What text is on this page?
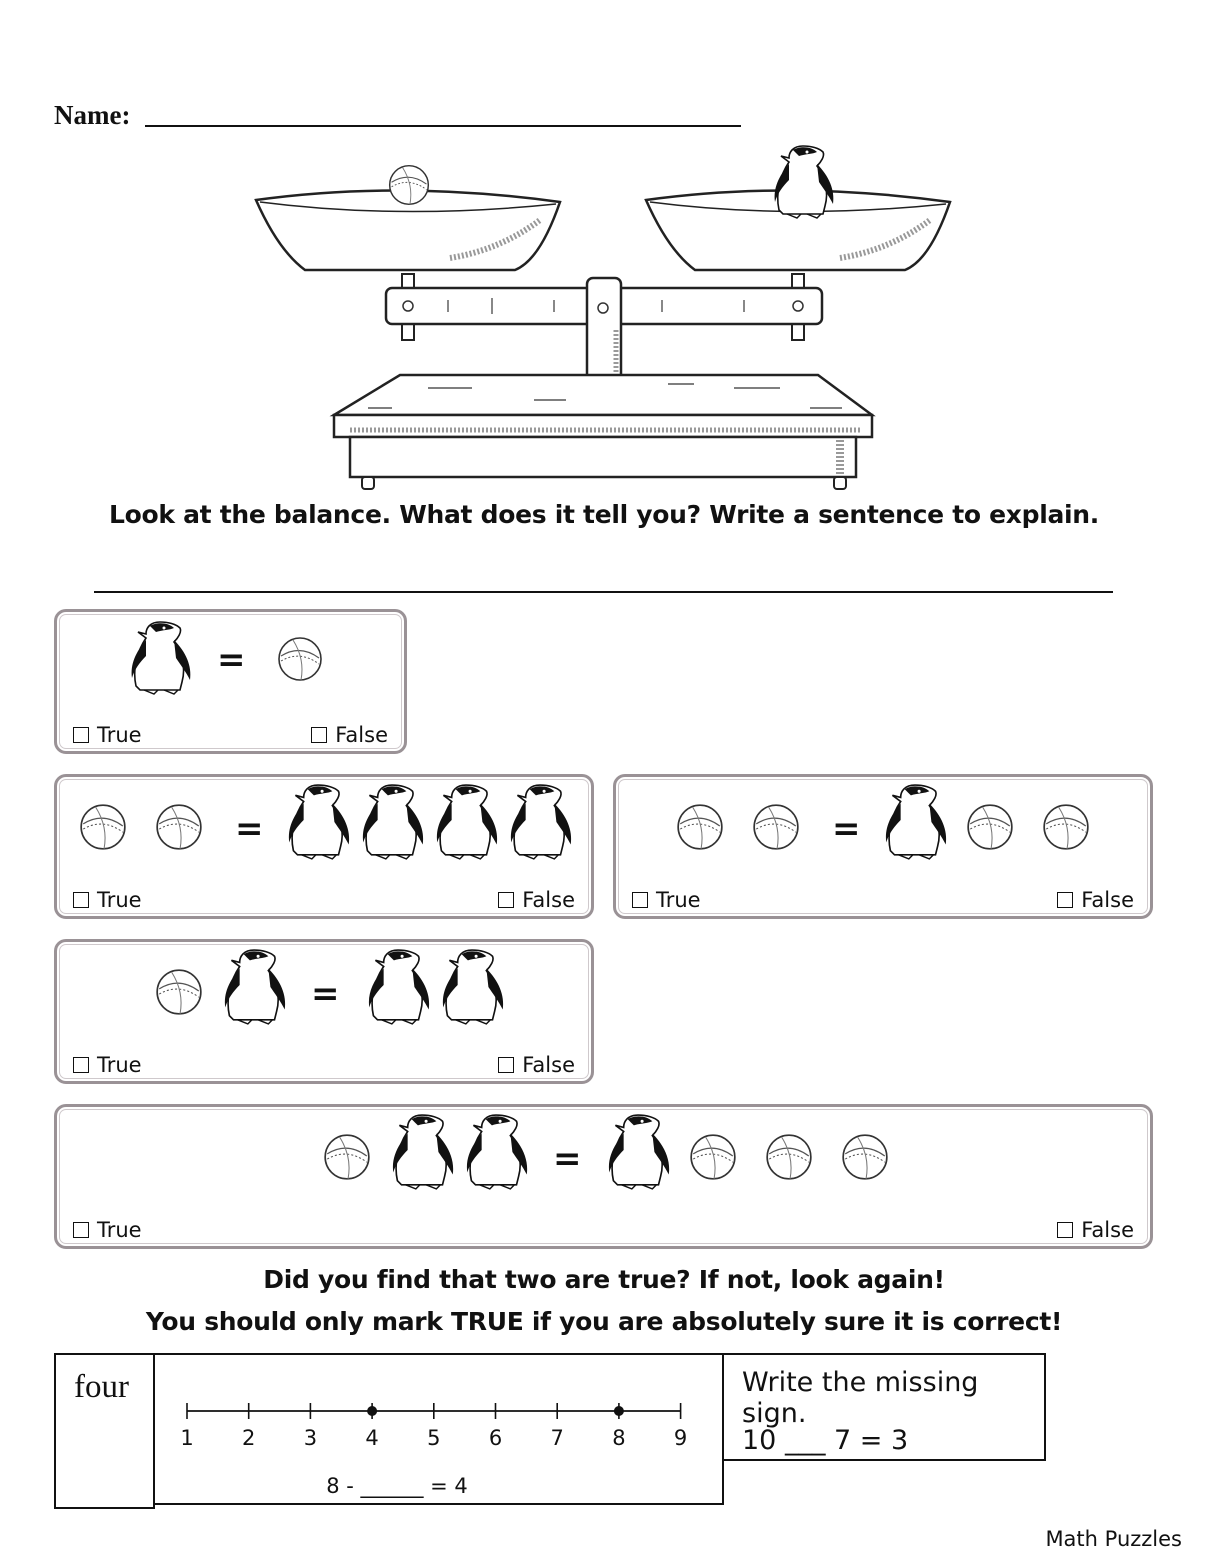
Name:
Look at the balance. What does it tell you? Write a sentence to explain.
=
True	False
=
True	False
=
True	False
=
True	False
=
True	False
Did you find that two are true? If not, look again!
You should only mark TRUE if you are absolutely sure it is correct!
four
1 2 3 4 5 6 7 8 9
8 - ______ = 4
Write the missing sign.
10 ___ 7 = 3
Math Puzzles
